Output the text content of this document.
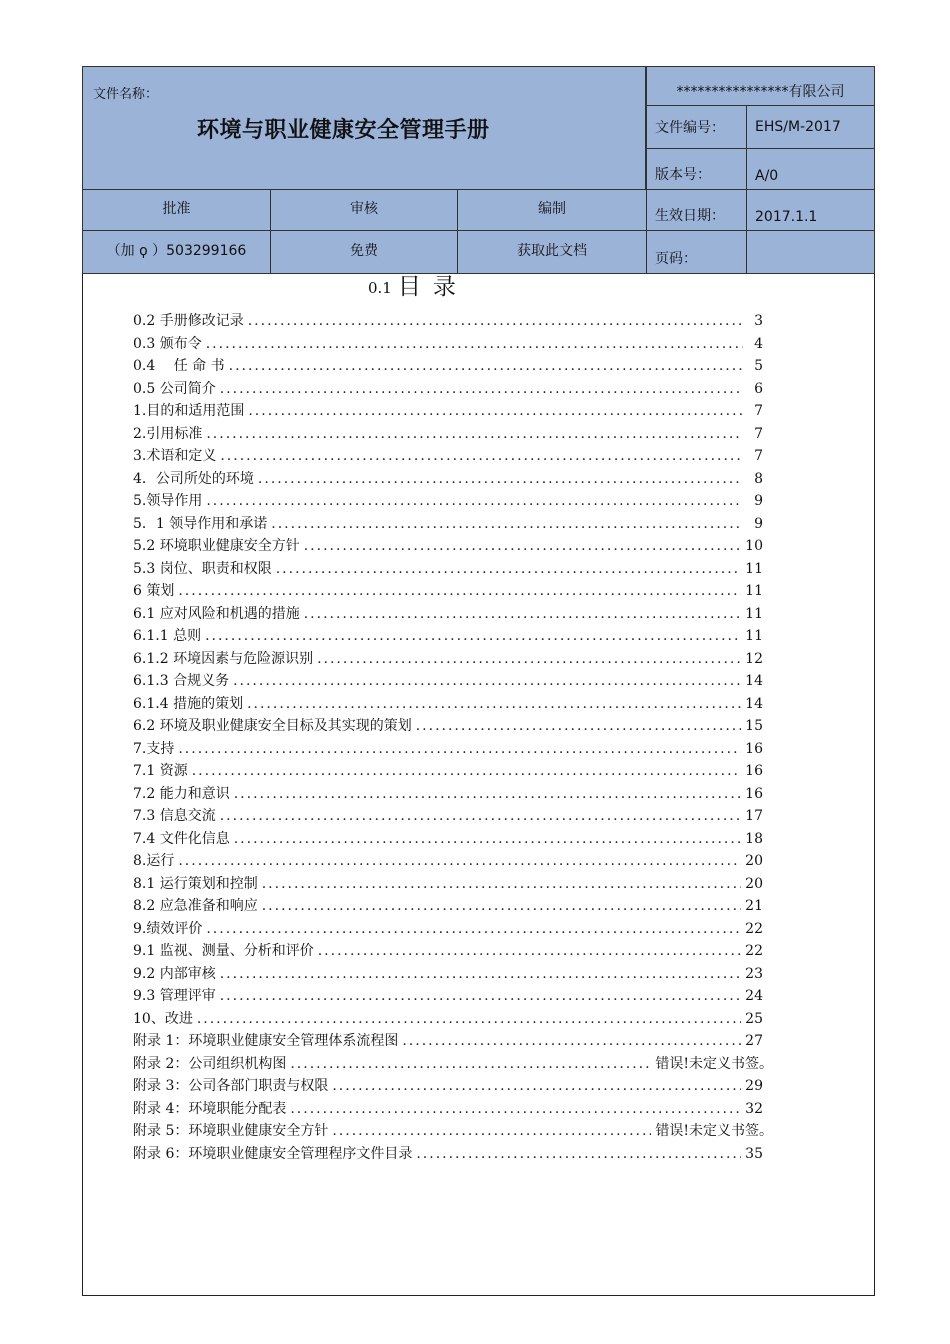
文件名称：
环境与职业健康安全管理手册
****************有限公司
文件编号： EHS/M-2017
版本号：	A/0
生效日期： 2017.1.1
页码：
批准	审核	编制
（加 ϙ ）503299166	免费	获取此文档
0.1 目录
0.2 手册修改记录 .....	3
0.3 颁布令 .....	4
0.4　 任 命 书 .....	5
0.5 公司简介 .....	6
1.目的和适用范围 .....	7
2.引用标准 .....	7
3.术语和定义 .....	7
4．公司所处的环境 .....	8
5.领导作用 .....	9
5．1 领导作用和承诺 .....	9
5.2 环境职业健康安全方针 .....	10
5.3 岗位、职责和权限 .....	11
6 策划 .....	11
6.1 应对风险和机遇的措施 .....	11
6.1.1 总则 .....	11
6.1.2 环境因素与危险源识别 .....	12
6.1.3 合规义务 .....	14
6.1.4 措施的策划 .....	14
6.2 环境及职业健康安全目标及其实现的策划 .....	15
7.支持 .....	16
7.1 资源 .....	16
7.2 能力和意识 .....	16
7.3 信息交流 .....	17
7.4 文件化信息 .....	18
8.运行 .....	20
8.1 运行策划和控制 .....	20
8.2 应急准备和响应 .....	21
9.绩效评价 .....	22
9.1 监视、测量、分析和评价 .....	22
9.2 内部审核 .....	23
9.3 管理评审 .....	24
10、改进 .....	25
附录 1：环境职业健康安全管理体系流程图 .....	27
附录 2：公司组织机构图 .....	错误!未定义书签。
附录 3：公司各部门职责与权限 .....	29
附录 4：环境职能分配表 .....	32
附录 5：环境职业健康安全方针 .....	错误!未定义书签。
附录 6：环境职业健康安全管理程序文件目录 .....	35
